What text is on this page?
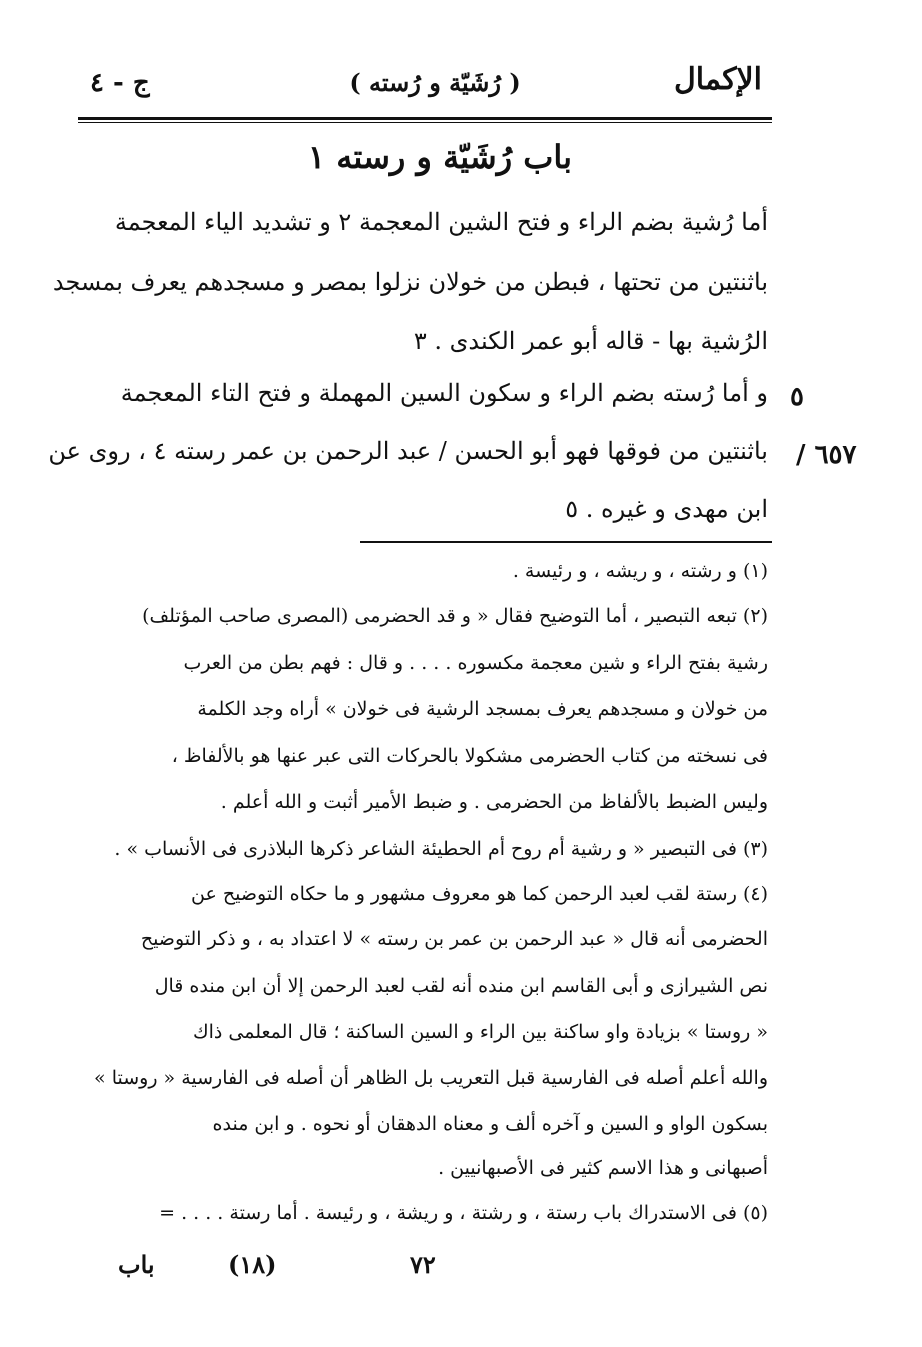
الإكمال
( رُشَيّة و رُسته )
ج - ٤
باب رُشَيّة و رسته ١
أما رُشية بضم الراء و فتح الشين المعجمة ٢ و تشديد الياء المعجمة
باثنتين من تحتها ، فبطن من خولان نزلوا بمصر و مسجدهم يعرف بمسجد
الرُشية بها - قاله أبو عمر الكندى . ٣
و أما رُسته بضم الراء و سكون السين المهملة و فتح التاء المعجمة
باثنتين من فوقها فهو أبو الحسن / عبد الرحمن بن عمر رسته ٤ ، روى عن
ابن مهدى و غيره . ٥
٥
٦٥٧ /
(١) و رشته ، و ريشه ، و رئيسة .
(٢) تبعه التبصير ، أما التوضيح فقال « و قد الحضرمى (المصرى صاحب المؤتلف)
رشية بفتح الراء و شين معجمة مكسوره . . . . و قال : فهم بطن من العرب
من خولان و مسجدهم يعرف بمسجد الرشية فى خولان » أراه وجد الكلمة
فى نسخته من كتاب الحضرمى مشكولا بالحركات التى عبر عنها هو بالألفاظ ،
وليس الضبط بالألفاظ من الحضرمى . و ضبط الأمير أثبت و الله أعلم .
(٣) فى التبصير « و رشية أم روح أم الحطيئة الشاعر ذكرها البلاذرى فى الأنساب » .
(٤) رستة لقب لعبد الرحمن كما هو معروف مشهور و ما حكاه التوضيح عن
الحضرمى أنه قال « عبد الرحمن بن عمر بن رسته » لا اعتداد به ، و ذكر التوضيح
نص الشيرازى و أبى القاسم ابن منده أنه لقب لعبد الرحمن إلا أن ابن منده قال
« روستا » بزيادة واو ساكنة بين الراء و السين الساكنة ؛ قال المعلمى ذاك
والله أعلم أصله فى الفارسية قبل التعريب بل الظاهر أن أصله فى الفارسية « روستا »
بسكون الواو و السين و آخره ألف و معناه الدهقان أو نحوه . و ابن منده
أصبهانى و هذا الاسم كثير فى الأصبهانيين .
(٥) فى الاستدراك باب رستة ، و رشتة ، و ريشة ، و رئيسة . أما رستة . . . . =
باب	(١٨)	٧٢
